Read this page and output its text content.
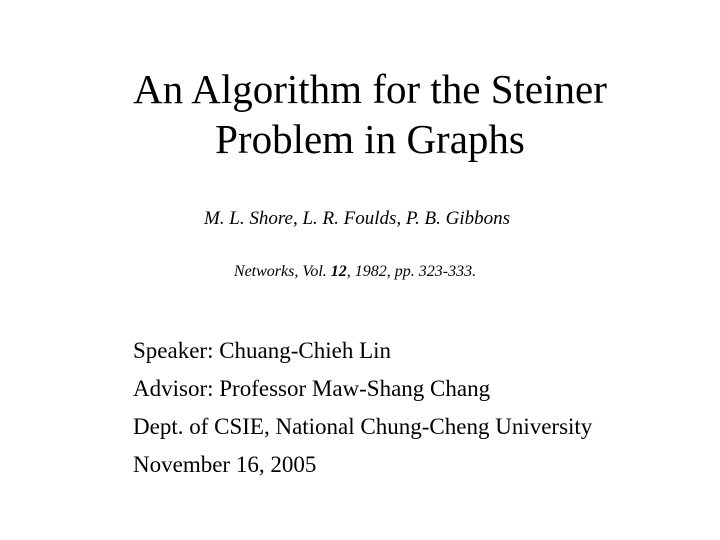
An Algorithm for the Steiner
Problem in Graphs
M. L. Shore, L. R. Foulds, P. B. Gibbons
Networks, Vol. 12, 1982, pp. 323-333.
Speaker: Chuang-Chieh Lin
Advisor: Professor Maw-Shang Chang
Dept. of CSIE, National Chung-Cheng University
November 16, 2005
